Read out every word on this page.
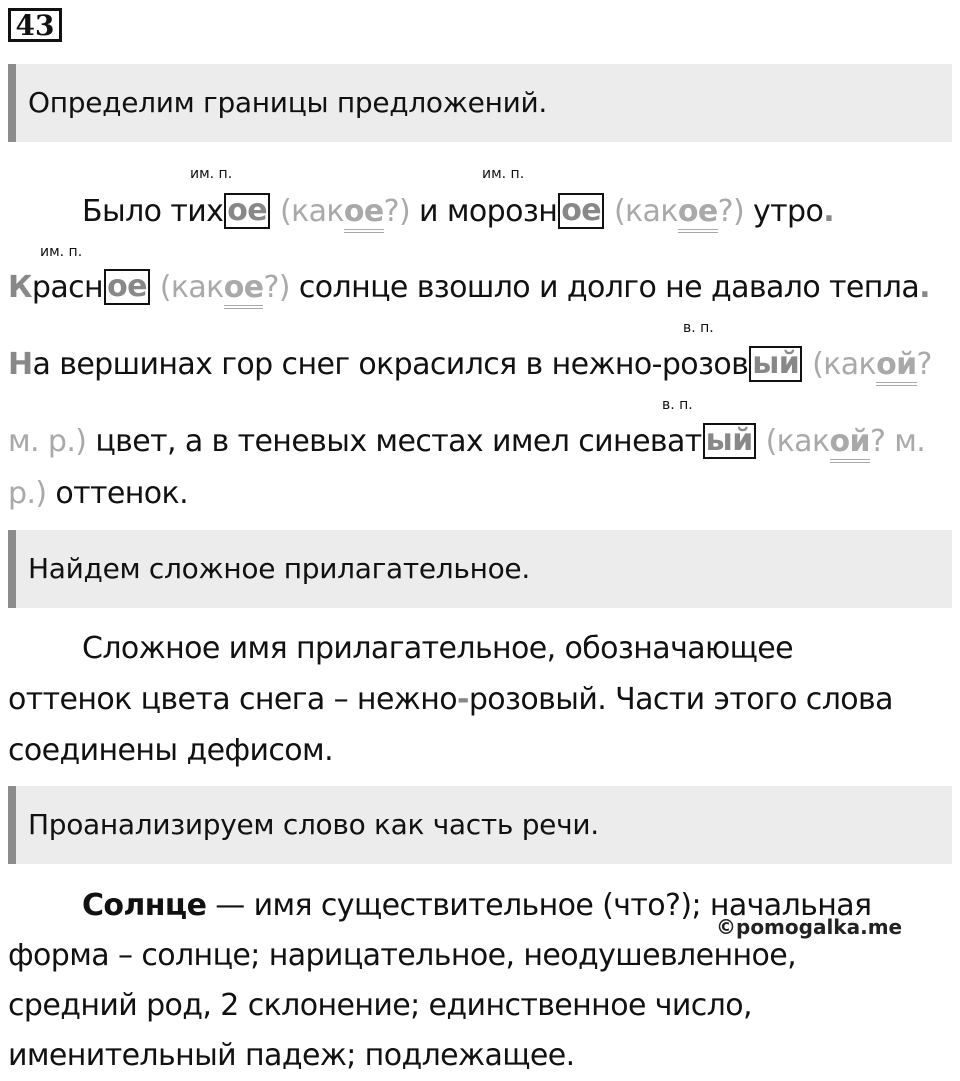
43
Определим границы предложений.
им. п.	им. п.
им. п.
в. п.
в. п.
Было тих ое (какое?) и морозн ое (какое?) утро.
Красн ое (какое?) солнце взошло и долго не давало тепла.
На вершинах гор снег окрасился в нежно-розов ый (какой?
м. р.) цвет, а в теневых местах имел синеват ый (какой? м.
р.) оттенок.
Найдем сложное прилагательное.
Сложное имя прилагательное, обозначающее
оттенок цвета снега – нежно-розовый. Части этого слова
соединены дефисом.
Проанализируем слово как часть речи.
Солнце — имя существительное (что?); начальная
форма – солнце; нарицательное, неодушевленное,
средний род, 2 склонение; единственное число,
именительный падеж; подлежащее.
©pomogalka.me
